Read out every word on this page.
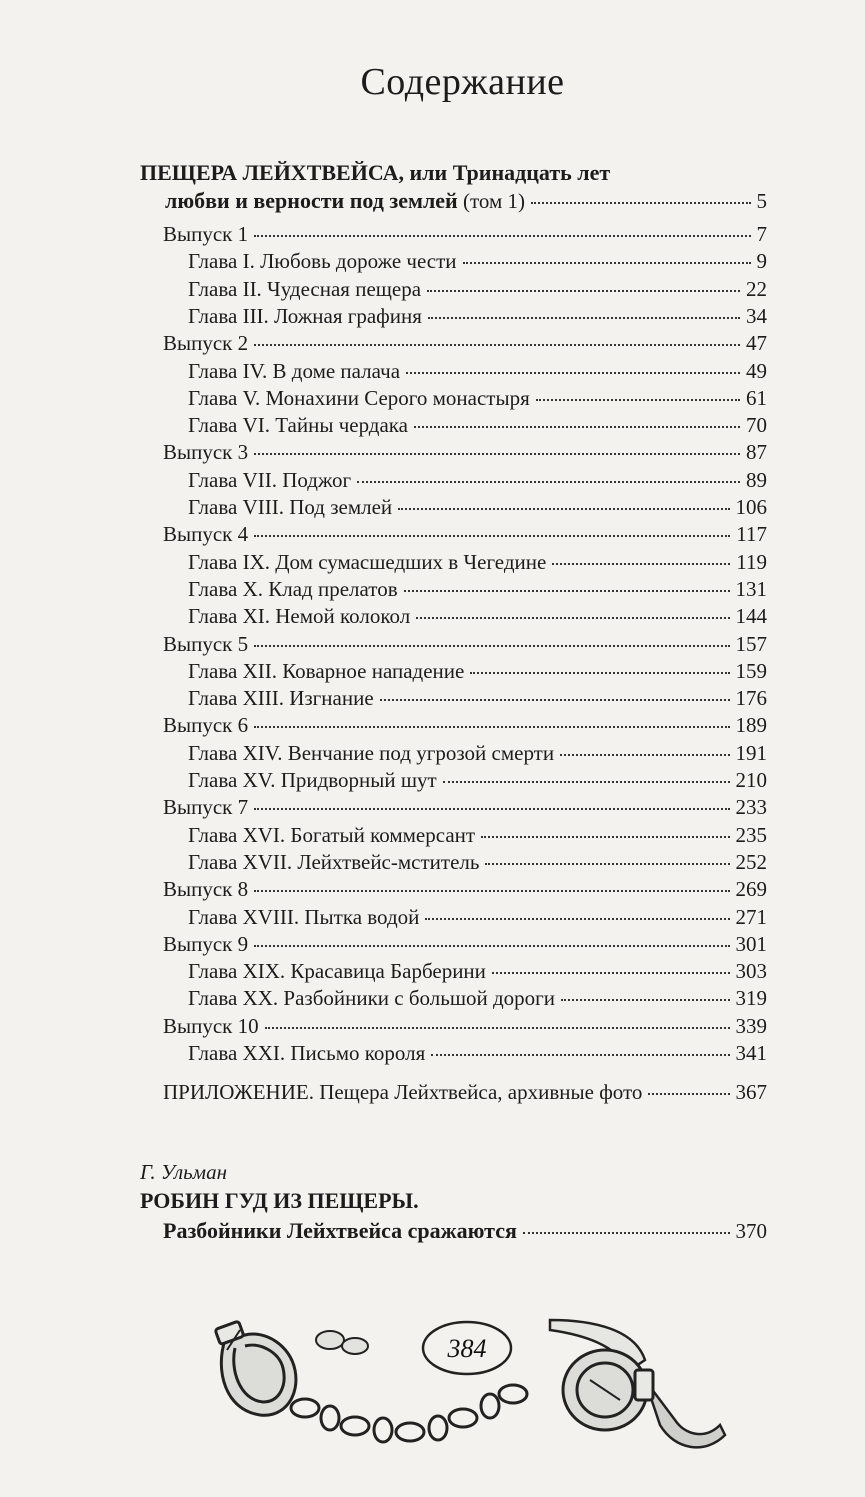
Содержание
ПЕЩЕРА ЛЕЙХТВЕЙСА, или Тринадцать лет
любви и верности под землей (том 1)	5
Выпуск 1	7
Глава I. Любовь дороже чести	9
Глава II. Чудесная пещера	22
Глава III. Ложная графиня	34
Выпуск 2	47
Глава IV. В доме палача	49
Глава V. Монахини Серого монастыря	61
Глава VI. Тайны чердака	70
Выпуск 3	87
Глава VII. Поджог	89
Глава VIII. Под землей	106
Выпуск 4	117
Глава IX. Дом сумасшедших в Чегедине	119
Глава X. Клад прелатов	131
Глава XI. Немой колокол	144
Выпуск 5	157
Глава XII. Коварное нападение	159
Глава XIII. Изгнание	176
Выпуск 6	189
Глава XIV. Венчание под угрозой смерти	191
Глава XV. Придворный шут	210
Выпуск 7	233
Глава XVI. Богатый коммерсант	235
Глава XVII. Лейхтвейс-мститель	252
Выпуск 8	269
Глава XVIII. Пытка водой	271
Выпуск 9	301
Глава XIX. Красавица Барберини	303
Глава XX. Разбойники с большой дороги	319
Выпуск 10	339
Глава XXI. Письмо короля	341
ПРИЛОЖЕНИЕ. Пещера Лейхтвейса, архивные фото	367
Г. Ульман
РОБИН ГУД ИЗ ПЕЩЕРЫ.
Разбойники Лейхтвейса сражаются	370
384
